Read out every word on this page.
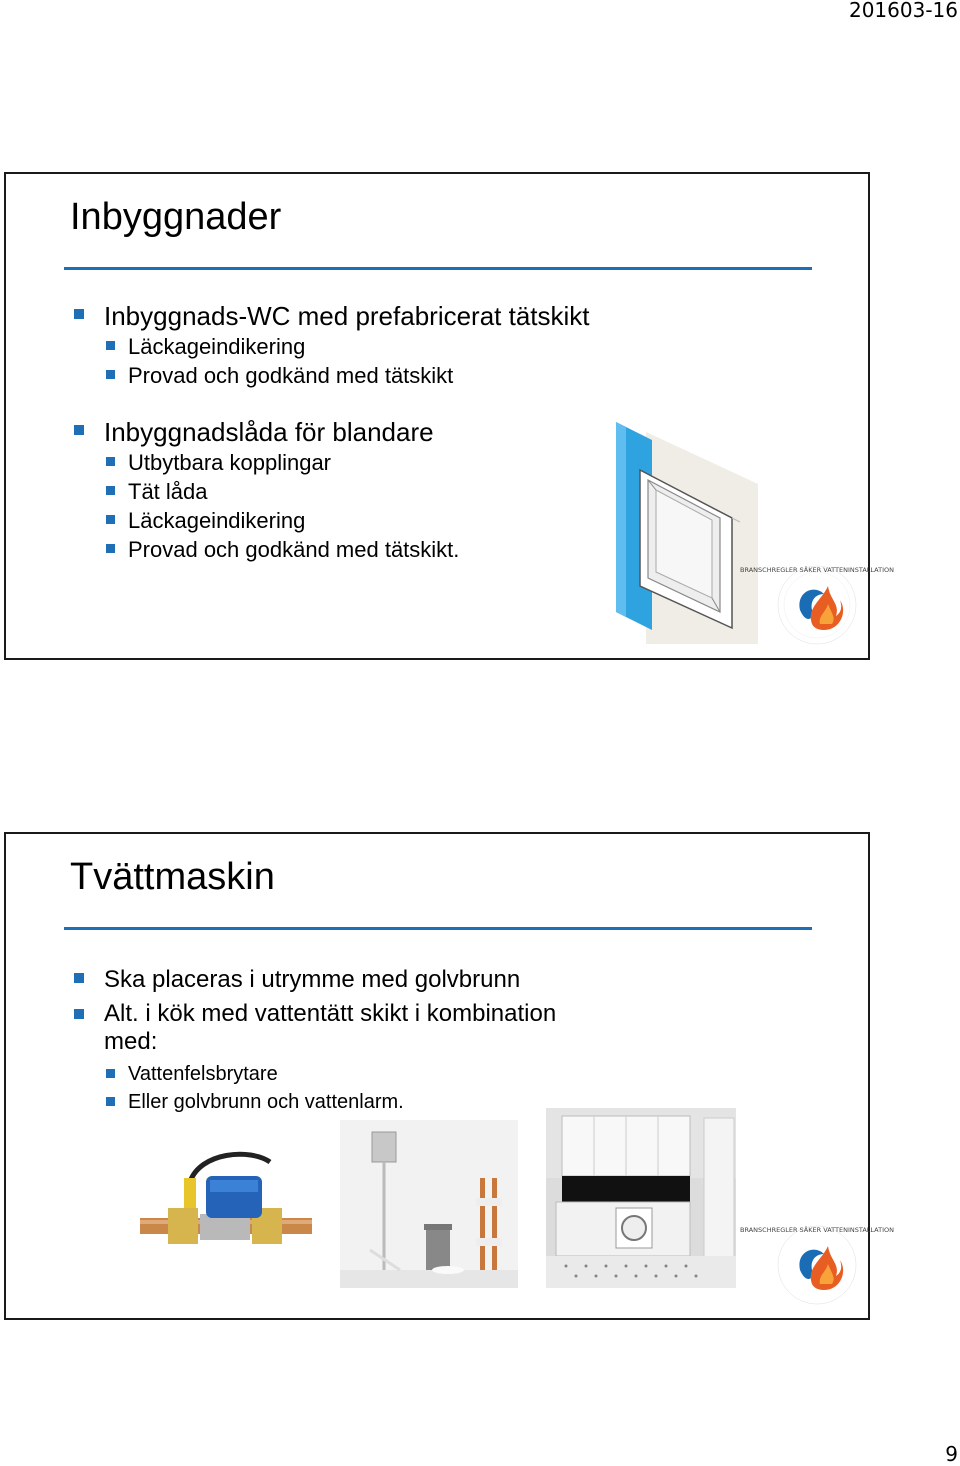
201603-16
Inbyggnader
Inbyggnads-WC med prefabricerat tätskikt
Läckageindikering
Provad och godkänd med tätskikt
Inbyggnadslåda för blandare
Utbytbara kopplingar
Tät låda
Läckageindikering
Provad och godkänd med tätskikt.
BRANSCHREGLER SÄKER VATTENINSTALLATION
Tvättmaskin
Ska placeras i utrymme med golvbrunn
Alt. i kök med vattentätt skikt i kombination med:
Vattenfelsbrytare
Eller golvbrunn och vattenlarm.
BRANSCHREGLER SÄKER VATTENINSTALLATION
9
